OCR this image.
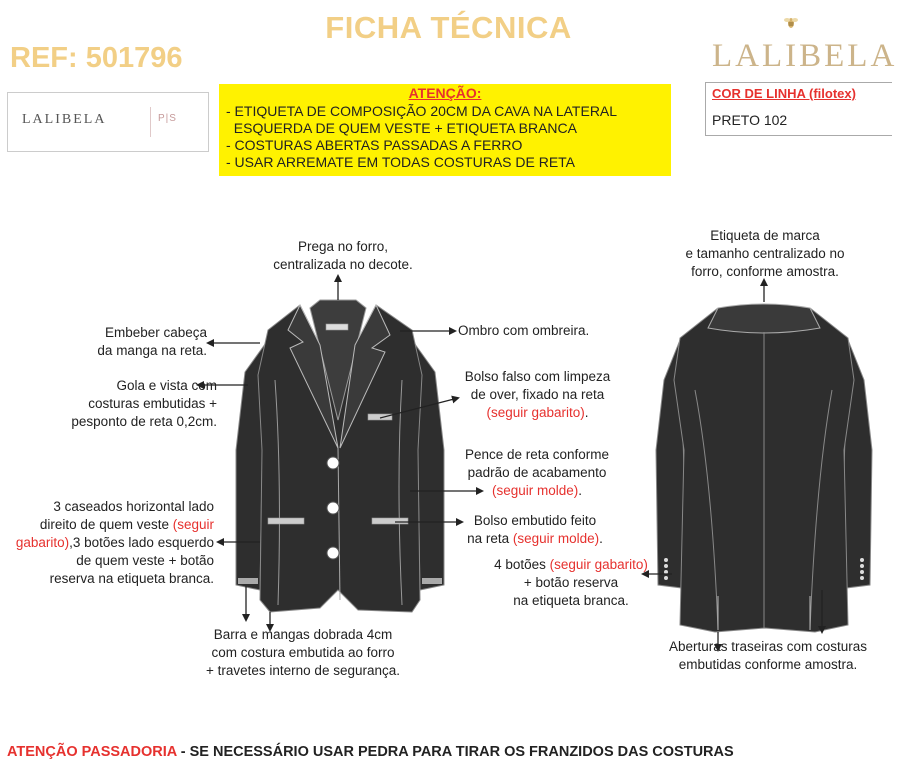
FICHA TÉCNICA
REF: 501796	LALIBELA
LALIBELA	P|S
ATENÇÃO:
- ETIQUETA DE COMPOSIÇÃO 20CM DA CAVA NA LATERAL
ESQUERDA DE QUEM VESTE + ETIQUETA BRANCA
- COSTURAS ABERTAS PASSADAS A FERRO
- USAR ARREMATE EM TODAS COSTURAS DE RETA
COR DE LINHA (filotex)
PRETO 102
Prega no forro,
centralizada no decote.
Embeber cabeça
da manga na reta.
Gola e vista com
costuras embutidas +
pesponto de reta 0,2cm.
3 caseados horizontal lado
direito de quem veste (seguir
gabarito),3 botões lado esquerdo
de quem veste + botão
reserva na etiqueta branca.
Barra e mangas dobrada 4cm
com costura embutida ao forro
+ travetes interno de segurança.
Ombro com ombreira.
Bolso falso com limpeza
de over, fixado na reta
(seguir gabarito).
Pence de reta conforme
padrão de acabamento
(seguir molde).
Bolso embutido feito
na reta (seguir molde).
Etiqueta de marca
e tamanho centralizado no
forro, conforme amostra.
4 botões (seguir gabarito)
+ botão reserva
na etiqueta branca.
Aberturas traseiras com costuras
embutidas conforme amostra.
ATENÇÃO PASSADORIA - SE NECESSÁRIO USAR PEDRA PARA TIRAR OS FRANZIDOS DAS COSTURAS
